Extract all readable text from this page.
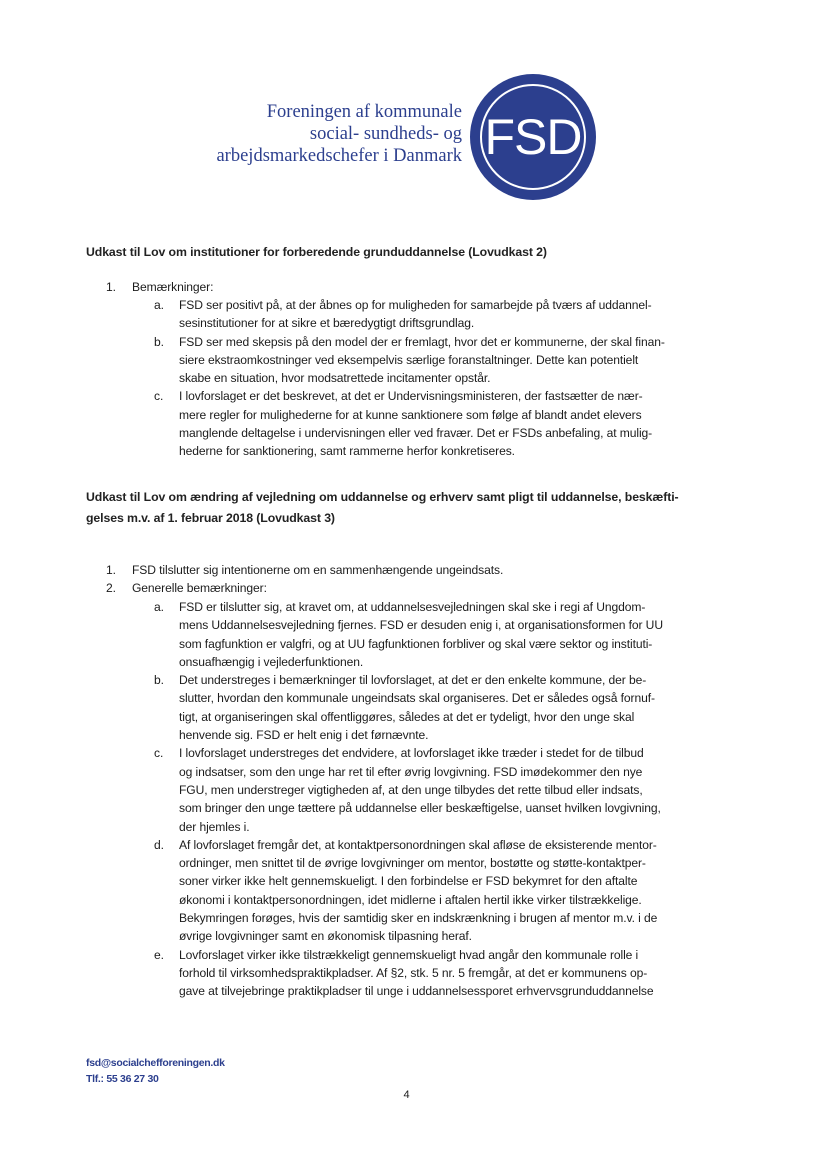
Foreningen af kommunale
social- sundheds- og
arbejdsmarkedschefer i Danmark FSD
Udkast til Lov om institutioner for forberedende grunduddannelse (Lovudkast 2)
1. Bemærkninger:
a.	FSD ser positivt på, at der åbnes op for muligheden for samarbejde på tværs af uddannel-
sesinstitutioner for at sikre et bæredygtigt driftsgrundlag.
b.	FSD ser med skepsis på den model der er fremlagt, hvor det er kommunerne, der skal finan-
siere ekstraomkostninger ved eksempelvis særlige foranstaltninger. Dette kan potentielt
skabe en situation, hvor modsatrettede incitamenter opstår.
c.	I lovforslaget er det beskrevet, at det er Undervisningsministeren, der fastsætter de nær-
mere regler for mulighederne for at kunne sanktionere som følge af blandt andet elevers
manglende deltagelse i undervisningen eller ved fravær. Det er FSDs anbefaling, at mulig-
hederne for sanktionering, samt rammerne herfor konkretiseres.
Udkast til Lov om ændring af vejledning om uddannelse og erhverv samt pligt til uddannelse, beskæfti-
gelses m.v. af 1. februar 2018 (Lovudkast 3)
1. FSD tilslutter sig intentionerne om en sammenhængende ungeindsats.
2. Generelle bemærkninger:
a.	FSD er tilslutter sig, at kravet om, at uddannelsesvejledningen skal ske i regi af Ungdom-
mens Uddannelsesvejledning fjernes. FSD er desuden enig i, at organisationsformen for UU
som fagfunktion er valgfri, og at UU fagfunktionen forbliver og skal være sektor og instituti-
onsuafhængig i vejlederfunktionen.
b.	Det understreges i bemærkninger til lovforslaget, at det er den enkelte kommune, der be-
slutter, hvordan den kommunale ungeindsats skal organiseres. Det er således også fornuf-
tigt, at organiseringen skal offentliggøres, således at det er tydeligt, hvor den unge skal
henvende sig. FSD er helt enig i det førnævnte.
c.	I lovforslaget understreges det endvidere, at lovforslaget ikke træder i stedet for de tilbud
og indsatser, som den unge har ret til efter øvrig lovgivning. FSD imødekommer den nye
FGU, men understreger vigtigheden af, at den unge tilbydes det rette tilbud eller indsats,
som bringer den unge tættere på uddannelse eller beskæftigelse, uanset hvilken lovgivning,
der hjemles i.
d.	Af lovforslaget fremgår det, at kontaktpersonordningen skal afløse de eksisterende mentor-
ordninger, men snittet til de øvrige lovgivninger om mentor, bostøtte og støtte-kontaktper-
soner virker ikke helt gennemskueligt. I den forbindelse er FSD bekymret for den aftalte
økonomi i kontaktpersonordningen, idet midlerne i aftalen hertil ikke virker tilstrækkelige.
Bekymringen forøges, hvis der samtidig sker en indskrænkning i brugen af mentor m.v. i de
øvrige lovgivninger samt en økonomisk tilpasning heraf.
e.	Lovforslaget virker ikke tilstrækkeligt gennemskueligt hvad angår den kommunale rolle i
forhold til virksomhedspraktikpladser. Af §2, stk. 5 nr. 5 fremgår, at det er kommunens op-
gave at tilvejebringe praktikpladser til unge i uddannelsessporet erhvervsgrunduddannelse
fsd@socialchefforeningen.dk
Tlf.: 55 36 27 30
4
